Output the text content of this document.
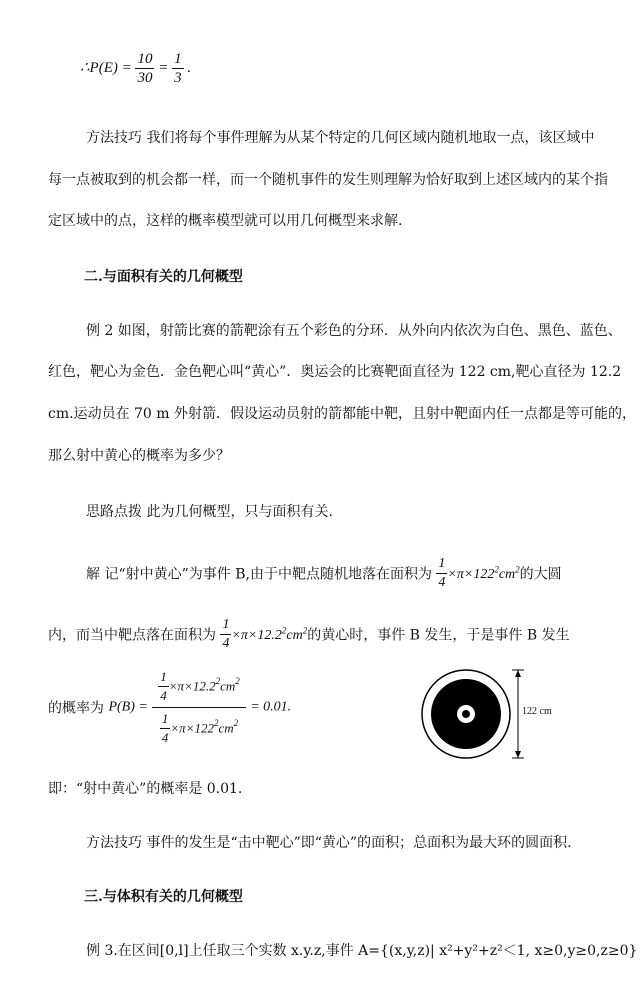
∴P(E) = $\frac{10}{30} = \frac{1}{3}$ .
方法技巧 我们将每个事件理解为从某个特定的几何区域内随机地取一点，该区域中
每一点被取到的机会都一样，而一个随机事件的发生则理解为恰好取到上述区域内的某个指
定区域中的点，这样的概率模型就可以用几何概型来求解.
二.与面积有关的几何概型
例 2 如图，射箭比赛的箭靶涂有五个彩色的分环．从外向内依次为白色、黑色、蓝色、
红色，靶心为金色．金色靶心叫“黄心”．奥运会的比赛靶面直径为 122 cm,靶心直径为 12.2
cm.运动员在 70 m 外射箭．假设运动员射的箭都能中靶，且射中靶面内任一点都是等可能的，
那么射中黄心的概率为多少？
思路点拨 此为几何概型，只与面积有关.
解 记“射中黄心”为事件 B,由于中靶点随机地落在面积为 $\frac{1}{4} \times\pi\times 122^2cm^2$的大圆
内，而当中靶点落在面积为 $\frac{1}{4} \times\pi\times 12.2^2cm^2$的黄心时，事件 B 发生，于是事件 B 发生
的概率为 $P(B) = \frac{\frac{1}{4} \times\pi\times 12.2^2cm^2}{\frac{1}{4} \times\pi\times 122^2cm^2} = 0.01$.	122 cm
即：“射中黄心”的概率是 0.01.
方法技巧 事件的发生是“击中靶心”即“黄心”的面积；总面积为最大环的圆面积.
三.与体积有关的几何概型
例 3.在区间[0,l]上任取三个实数 x.y.z,事件 A={(x,y,z)| x²+y²+z²＜1, x≥0,y≥0,z≥0}
